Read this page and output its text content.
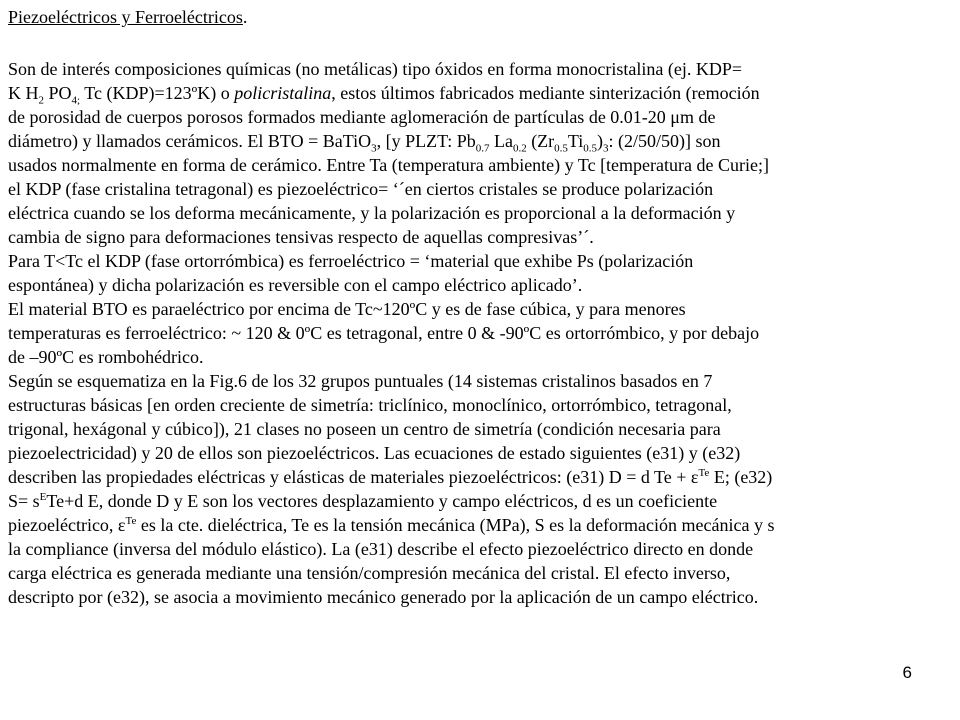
Piezoeléctricos y Ferroeléctricos.
Son de interés composiciones químicas (no metálicas) tipo óxidos en forma monocristalina (ej. KDP=
K $H_2$ $PO_{4;}$ Tc (KDP)=123ºK) o policristalina, estos últimos fabricados mediante sinterización (remoción
de porosidad de cuerpos porosos formados mediante aglomeración de partículas de 0.01-20 μm de
diámetro) y llamados cerámicos. El BTO = BaTiO$_3$, [y PLZT: $Pb_{0.7}$ $La_{0.2}$ $(Zr_{0.5}Ti_{0.5})_3$: (2/50/50)] son
usados normalmente en forma de cerámico. Entre Ta (temperatura ambiente) y Tc [temperatura de Curie;]
el KDP (fase cristalina tetragonal) es piezoeléctrico= ‘´en ciertos cristales se produce polarización
eléctrica cuando se los deforma mecánicamente, y la polarización es proporcional a la deformación y
cambia de signo para deformaciones tensivas respecto de aquellas compresivas’´.
Para T<Tc el KDP (fase ortorrómbica) es ferroeléctrico = ‘material que exhibe Ps (polarización
espontánea) y dicha polarización es reversible con el campo eléctrico aplicado’.
El material BTO es paraeléctrico por encima de Tc~120ºC y es de fase cúbica, y para menores
temperaturas es ferroeléctrico: ~ 120 & 0ºC es tetragonal, entre 0 & -90ºC es ortorrómbico, y por debajo
de –90ºC es rombohédrico.
Según se esquematiza en la Fig.6 de los 32 grupos puntuales (14 sistemas cristalinos basados en 7
estructuras básicas [en orden creciente de simetría: triclínico, monoclínico, ortorrómbico, tetragonal,
trigonal, hexágonal y cúbico]), 21 clases no poseen un centro de simetría (condición necesaria para
piezoelectricidad) y 20 de ellos son piezoeléctricos. Las ecuaciones de estado siguientes (e31) y (e32)
describen las propiedades eléctricas y elásticas de materiales piezoeléctricos: (e31) D = d $Te + \varepsilon^{Te}$ E; (e32)
$S= s^ETe+d$ E, donde D y E son los vectores desplazamiento y campo eléctricos, d es un coeficiente
piezoeléctrico, $\varepsilon^{Te}$ es la cte. dieléctrica, Te es la tensión mecánica (MPa), S es la deformación mecánica y s
la compliance (inversa del módulo elástico). La (e31) describe el efecto piezoeléctrico directo en donde
carga eléctrica es generada mediante una tensión/compresión mecánica del cristal. El efecto inverso,
descripto por (e32), se asocia a movimiento mecánico generado por la aplicación de un campo eléctrico.
6
